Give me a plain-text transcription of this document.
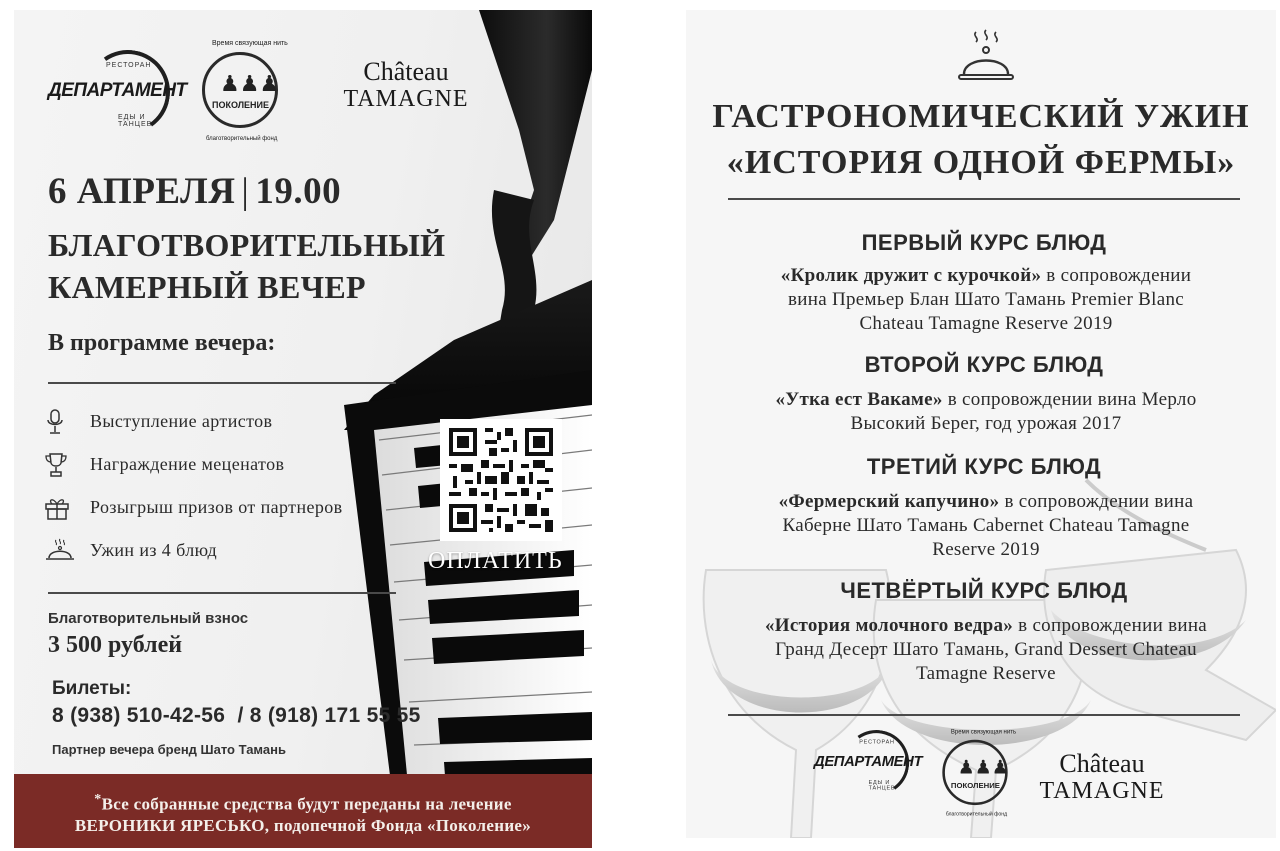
РЕСТОРАН
ДЕПАРТАМЕНТ
ЕДЫ И ТАНЦЕВ
Время связующая нить
♟♟♟
ПОКОЛЕНИЕ
благотворительный фонд
Château
TAMAGNE
6 АПРЕЛЯ | 19.00
БЛАГОТВОРИТЕЛЬНЫЙ
КАМЕРНЫЙ ВЕЧЕР
В программе вечера:
Выступление артистов
Награждение меценатов
Розыгрыш призов от партнеров
Ужин из 4 блюд
Благотворительный взнос
3 500 рублей
Билеты:
8 (938) 510-42-56  / 8 (918) 171 55 55
Партнер вечера бренд Шато Тамань
ОПЛАТИТЬ
*Все собранные средства будут переданы на лечение
ВЕРОНИКИ ЯРЕСЬКО, подопечной Фонда «Поколение»
ГАСТРОНОМИЧЕСКИЙ УЖИН
«ИСТОРИЯ ОДНОЙ ФЕРМЫ»
ПЕРВЫЙ КУРС БЛЮД
«Кролик дружит с курочкой» в сопровождении
вина Премьер Блан Шато Тамань Premier Blanc
Chateau Tamagne Reserve 2019
ВТОРОЙ КУРС БЛЮД
«Утка ест Вакаме» в сопровождении вина Мерло
Высокий Берег, год урожая 2017
ТРЕТИЙ КУРС БЛЮД
«Фермерский капучино» в сопровождении вина
Каберне Шато Тамань Cabernet Chateau Tamagne
Reserve 2019
ЧЕТВЁРТЫЙ КУРС БЛЮД
«История молочного ведра» в сопровождении вина
Гранд Десерт Шато Тамань, Grand Dessert Chateau
Tamagne Reserve
РЕСТОРАН
ДЕПАРТАМЕНТ
ЕДЫ И ТАНЦЕВ
Время связующая нить
♟♟♟
ПОКОЛЕНИЕ
благотворительный фонд
Château
TAMAGNE
